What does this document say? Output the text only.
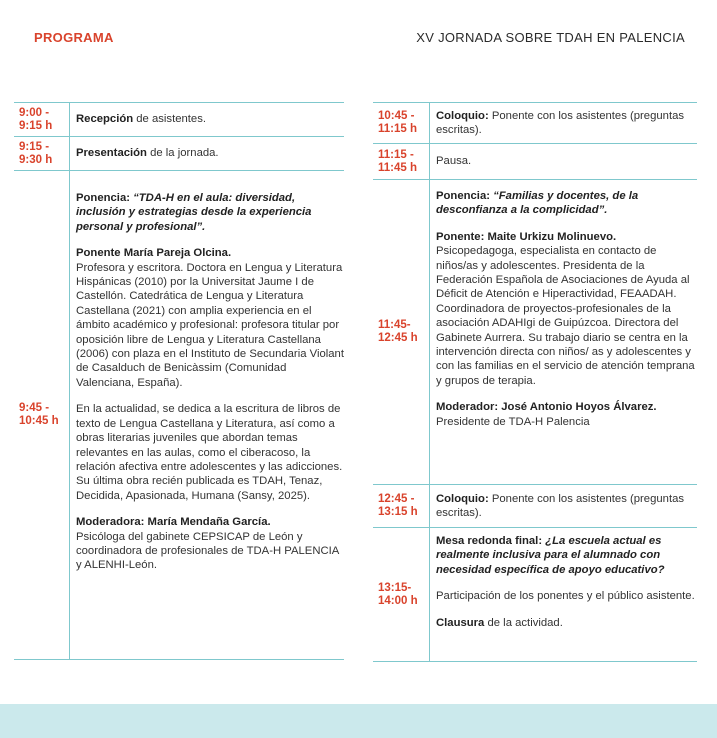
PROGRAMA	XV JORNADA SOBRE TDAH EN PALENCIA
9:00 -
9:15 h

Recepción de asistentes.

9:15 -
9:30 h

Presentación de la jornada.

9:45 -
10:45 h

Ponencia: “TDA-H en el aula: diversidad, inclusión y estrategias desde la experiencia personal y profesional”.

Ponente María Pareja Olcina.

Profesora y escritora. Doctora en Lengua y Literatura Hispánicas (2010) por la Universitat Jaume I de Castellón. Catedrática de Lengua y Literatura Castellana (2021) con amplia experiencia en el ámbito académico y profesional: profesora titular por oposición libre de Lengua y Literatura Castellana (2006) con plaza en el Instituto de Secundaria Violant de Casalduch de Benicàssim (Comunidad Valenciana, España).

En la actualidad, se dedica a la escritura de libros de texto de Lengua Castellana y Literatura, así como a obras literarias juveniles que abordan temas relevantes en las aulas, como el ciberacoso, la relación afectiva entre adolescentes y las adicciones. Su última obra recién publicada es TDAH, Tenaz, Decidida, Apasionada, Humana (Sansy, 2025).

Moderadora: María Mendaña García.

Psicóloga del gabinete CEPSICAP de León y coordinadora de profesionales de TDA-H PALENCIA y ALENHI-León.

10:45 -
11:15 h

Coloquio: Ponente con los asistentes (preguntas escritas).

11:15 -
11:45 h

Pausa.

11:45-
12:45 h

Ponencia: “Familias y docentes, de la desconfianza a la complicidad”.

Ponente: Maite Urkizu Molinuevo.

Psicopedagoga, especialista en contacto de niños/as y adolescentes. Presidenta de la Federación Española de Asociaciones de Ayuda al Déficit de Atención e Hiperactividad, FEAADAH. Coordinadora de proyectos-profesionales de la asociación ADAHIgi de Guipúzcoa. Directora del Gabinete Aurrera. Su trabajo diario se centra en la intervención directa con niños/ as y adolescentes y con las familias en el servicio de atención temprana y grupos de terapia.

Moderador: José Antonio Hoyos Álvarez.

Presidente de TDA-H Palencia

12:45 -
13:15 h

Coloquio: Ponente con los asistentes (preguntas escritas).

13:15-
14:00 h

Mesa redonda final: ¿La escuela actual es realmente inclusiva para el alumnado con necesidad específica de apoyo educativo?

Participación de los ponentes y el público asistente.

Clausura de la actividad.
